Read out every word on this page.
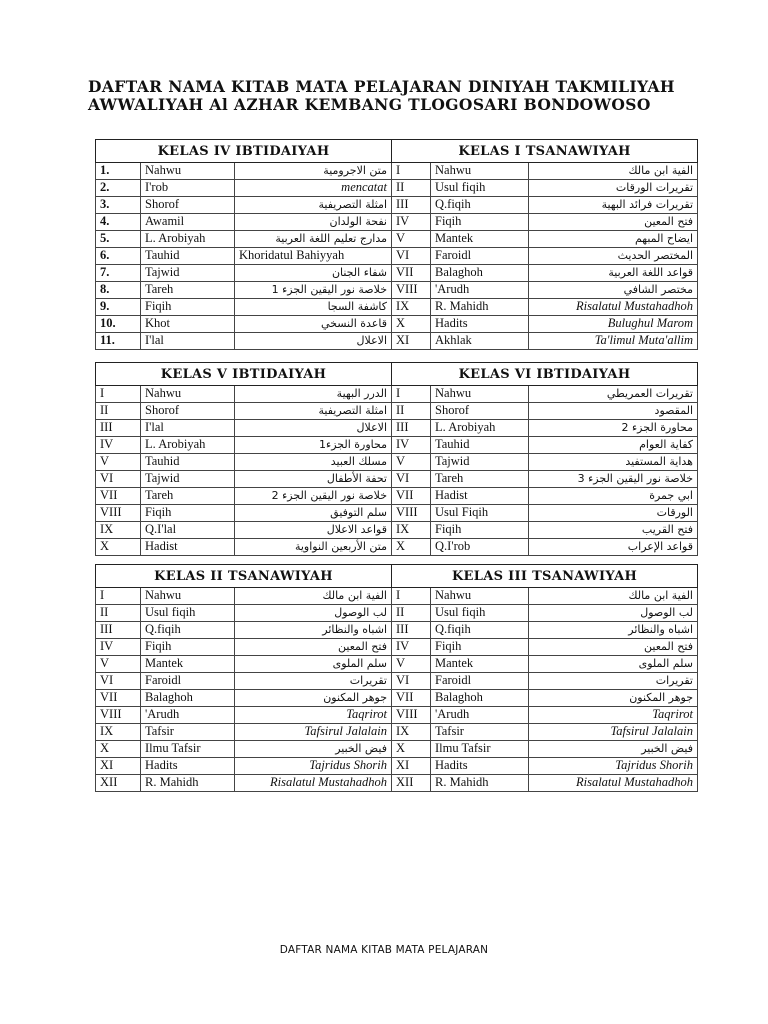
DAFTAR NAMA KITAB MATA PELAJARAN DINIYAH TAKMILIYAH
AWWALIYAH Al AZHAR KEMBANG TLOGOSARI BONDOWOSO
KELAS IV IBTIDAIYAH			KELAS I TSANAWIYAH		
1.	Nahwu	متن الاجرومية	I	Nahwu	الفية ابن مالك
2.	I'rob	mencatat	II	Usul fiqih	تقريرات الورقات
3.	Shorof	امثلة التصريفية	III	Q.fiqih	تقريرات فرائد البهية
4.	Awamil	نفحة الولدان	IV	Fiqih	فتح المعين
5.	L. Arobiyah	مدارج تعليم اللغة العربية	V	Mantek	ايضاح المبهم
6.	Tauhid	Khoridatul Bahiyyah	VI	Faroidl	المختصر الحديث
7.	Tajwid	شفاء الجنان	VII	Balaghoh	قواعد اللغة العربية
8.	Tareh	خلاصة نور اليقين الجزء 1	VIII	'Arudh	مختصر الشافي
9.	Fiqih	كاشفة السجا	IX	R. Mahidh	Risalatul Mustahadhoh
10.	Khot	قاعدة النسخي	X	Hadits	Bulughul Marom
11.	I'lal	الاعلال	XI	Akhlak	Ta'limul Muta'allim
KELAS V IBTIDAIYAH			KELAS VI IBTIDAIYAH		
I	Nahwu	الدرر البهية	I	Nahwu	تقريرات العمريطي
II	Shorof	امثلة التصريفية	II	Shorof	المقصود
III	I'lal	الاعلال	III	L. Arobiyah	محاورة الجزء 2
IV	L. Arobiyah	محاورة الجزء1	IV	Tauhid	كفاية العوام
V	Tauhid	مسلك العبيد	V	Tajwid	هداية المستفيد
VI	Tajwid	تحفة الأطفال	VI	Tareh	خلاصة نور اليقين الجزء 3
VII	Tareh	خلاصة نور اليقين الجزء 2	VII	Hadist	ابي جمرة
VIII	Fiqih	سلم التوفيق	VIII	Usul Fiqih	الورقات
IX	Q.I'lal	قواعد الاعلال	IX	Fiqih	فتح القريب
X	Hadist	متن الأربعين النواوية	X	Q.I'rob	قواعد الإعراب
KELAS II TSANAWIYAH			KELAS III TSANAWIYAH		
I	Nahwu	الفية ابن مالك	I	Nahwu	الفية ابن مالك
II	Usul fiqih	لب الوصول	II	Usul fiqih	لب الوصول
III	Q.fiqih	اشباه والنظائر	III	Q.fiqih	اشباه والنظائر
IV	Fiqih	فتح المعين	IV	Fiqih	فتح المعين
V	Mantek	سلم الملوى	V	Mantek	سلم الملوى
VI	Faroidl	تقريرات	VI	Faroidl	تقريرات
VII	Balaghoh	جوهر المكنون	VII	Balaghoh	جوهر المكنون
VIII	'Arudh	Taqrirot	VIII	'Arudh	Taqrirot
IX	Tafsir	Tafsirul Jalalain	IX	Tafsir	Tafsirul Jalalain
X	Ilmu Tafsir	فيض الخبير	X	Ilmu Tafsir	فيض الخبير
XI	Hadits	Tajridus Shorih	XI	Hadits	Tajridus Shorih
XII	R. Mahidh	Risalatul Mustahadhoh	XII	R. Mahidh	Risalatul Mustahadhoh
DAFTAR NAMA KITAB MATA PELAJARAN
